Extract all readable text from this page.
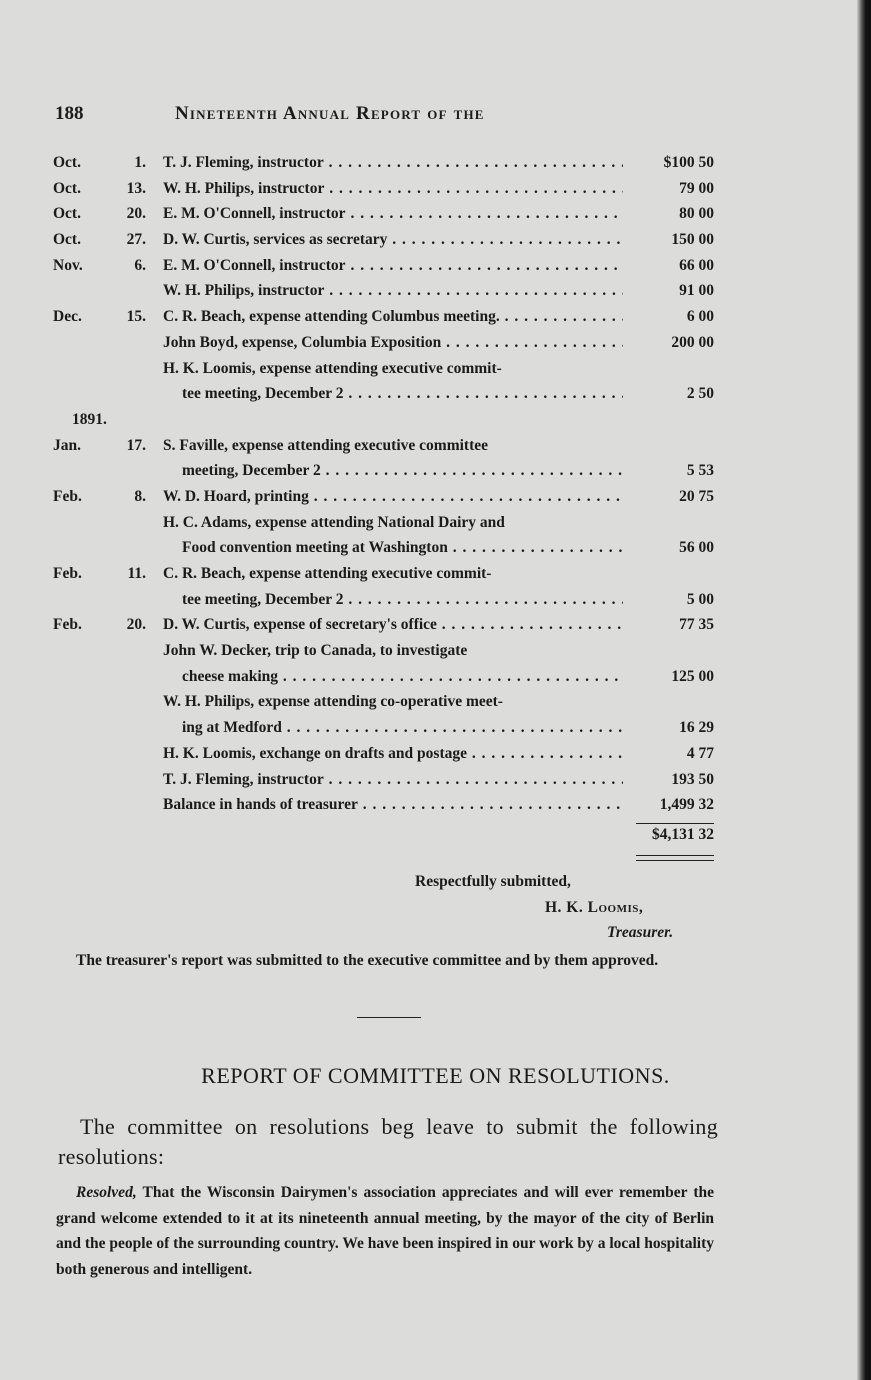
188	Nineteenth Annual Report of the
Oct.	1. T. J. Fleming, instructor . . .	$100 50
Oct.	13. W. H. Philips, instructor . . .	79 00
Oct.	20. E. M. O'Connell, instructor . . .	80 00
Oct.	27. D. W. Curtis, services as secretary . . .	150 00
Nov.	6. E. M. O'Connell, instructor . . .	66 00
W. H. Philips, instructor . . .	91 00
Dec.	15. C. R. Beach, expense attending Columbus meeting. . . .	6 00
John Boyd, expense, Columbia Exposition . . .	200 00
H. K. Loomis, expense attending executive commit-
tee meeting, December 2 . . .	2 50
1891.
Jan.	17. S. Faville, expense attending executive committee
meeting, December 2 . . .	5 53
Feb.	8. W. D. Hoard, printing . . .	20 75
H. C. Adams, expense attending National Dairy and
Food convention meeting at Washington . . .	56 00
Feb.	11. C. R. Beach, expense attending executive commit-
tee meeting, December 2 . . .	5 00
Feb.	20. D. W. Curtis, expense of secretary's office . . .	77 35
John W. Decker, trip to Canada, to investigate
cheese making . . .	125 00
W. H. Philips, expense attending co-operative meet-
ing at Medford . . .	16 29
H. K. Loomis, exchange on drafts and postage . . .	4 77
T. J. Fleming, instructor . . .	193 50
Balance in hands of treasurer . . .	1,499 32
$4,131 32
Respectfully submitted,
H. K. Loomis,
Treasurer.
The treasurer's report was submitted to the executive committee and by them approved.
REPORT OF COMMITTEE ON RESOLUTIONS.
The committee on resolutions beg leave to submit the following resolutions:
Resolved, That the Wisconsin Dairymen's association appreciates and will ever remember the grand welcome extended to it at its nineteenth annual meeting, by the mayor of the city of Berlin and the people of the surrounding country. We have been inspired in our work by a local hospitality both generous and intelligent.
